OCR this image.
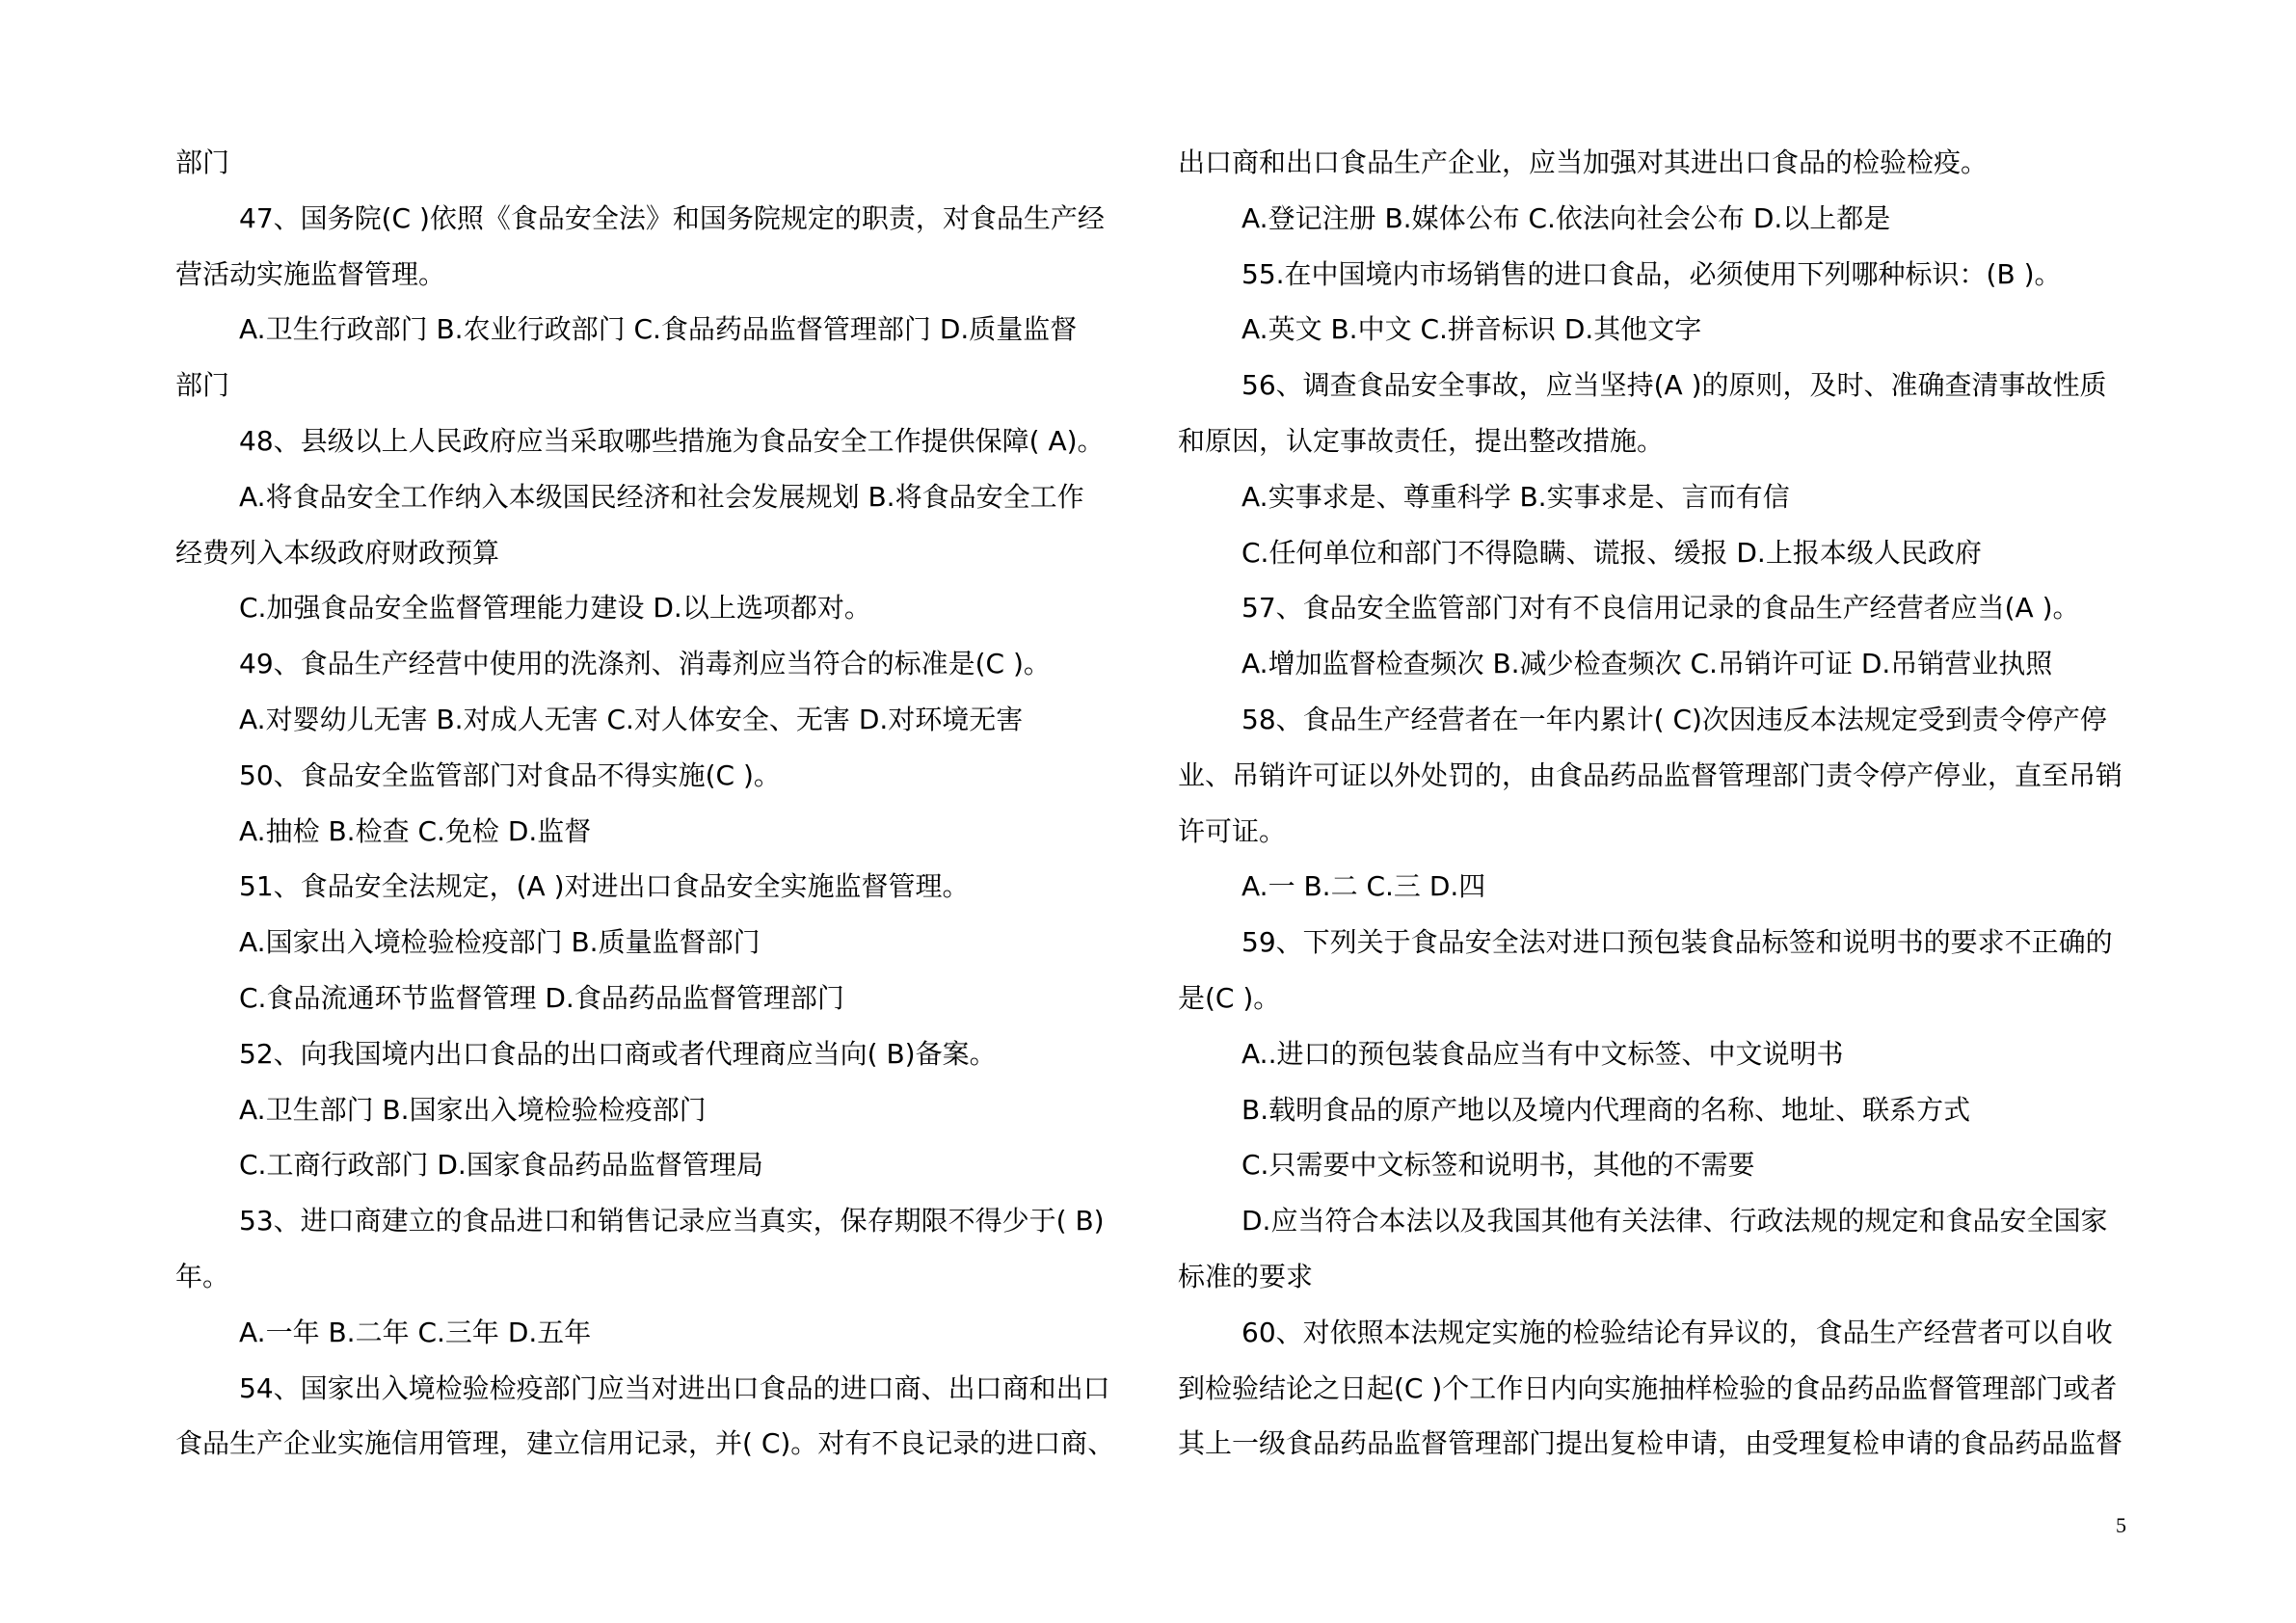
部门
47、国务院(C )依照《食品安全法》和国务院规定的职责，对食品生产经
营活动实施监督管理。
A.卫生行政部门 B.农业行政部门 C.食品药品监督管理部门 D.质量监督
部门
48、县级以上人民政府应当采取哪些措施为食品安全工作提供保障( A)。
A.将食品安全工作纳入本级国民经济和社会发展规划 B.将食品安全工作
经费列入本级政府财政预算
C.加强食品安全监督管理能力建设 D.以上选项都对。
49、食品生产经营中使用的洗涤剂、消毒剂应当符合的标准是(C )。
A.对婴幼儿无害 B.对成人无害 C.对人体安全、无害 D.对环境无害
50、食品安全监管部门对食品不得实施(C )。
A.抽检 B.检查 C.免检 D.监督
51、食品安全法规定，(A )对进出口食品安全实施监督管理。
A.国家出入境检验检疫部门 B.质量监督部门
C.食品流通环节监督管理 D.食品药品监督管理部门
52、向我国境内出口食品的出口商或者代理商应当向( B)备案。
A.卫生部门 B.国家出入境检验检疫部门
C.工商行政部门 D.国家食品药品监督管理局
53、进口商建立的食品进口和销售记录应当真实，保存期限不得少于( B)
年。
A.一年 B.二年 C.三年 D.五年
54、国家出入境检验检疫部门应当对进出口食品的进口商、出口商和出口
食品生产企业实施信用管理，建立信用记录，并( C)。对有不良记录的进口商、
出口商和出口食品生产企业，应当加强对其进出口食品的检验检疫。
A.登记注册 B.媒体公布 C.依法向社会公布 D.以上都是
55.在中国境内市场销售的进口食品，必须使用下列哪种标识：(B )。
A.英文 B.中文 C.拼音标识 D.其他文字
56、调查食品安全事故，应当坚持(A )的原则，及时、准确查清事故性质
和原因，认定事故责任，提出整改措施。
A.实事求是、尊重科学 B.实事求是、言而有信
C.任何单位和部门不得隐瞒、谎报、缓报 D.上报本级人民政府
57、食品安全监管部门对有不良信用记录的食品生产经营者应当(A )。
A.增加监督检查频次 B.减少检查频次 C.吊销许可证 D.吊销营业执照
58、食品生产经营者在一年内累计( C)次因违反本法规定受到责令停产停
业、吊销许可证以外处罚的，由食品药品监督管理部门责令停产停业，直至吊销
许可证。
A.一 B.二 C.三 D.四
59、下列关于食品安全法对进口预包装食品标签和说明书的要求不正确的
是(C )。
A..进口的预包装食品应当有中文标签、中文说明书
B.载明食品的原产地以及境内代理商的名称、地址、联系方式
C.只需要中文标签和说明书，其他的不需要
D.应当符合本法以及我国其他有关法律、行政法规的规定和食品安全国家
标准的要求
60、对依照本法规定实施的检验结论有异议的，食品生产经营者可以自收
到检验结论之日起(C )个工作日内向实施抽样检验的食品药品监督管理部门或者
其上一级食品药品监督管理部门提出复检申请，由受理复检申请的食品药品监督
5
